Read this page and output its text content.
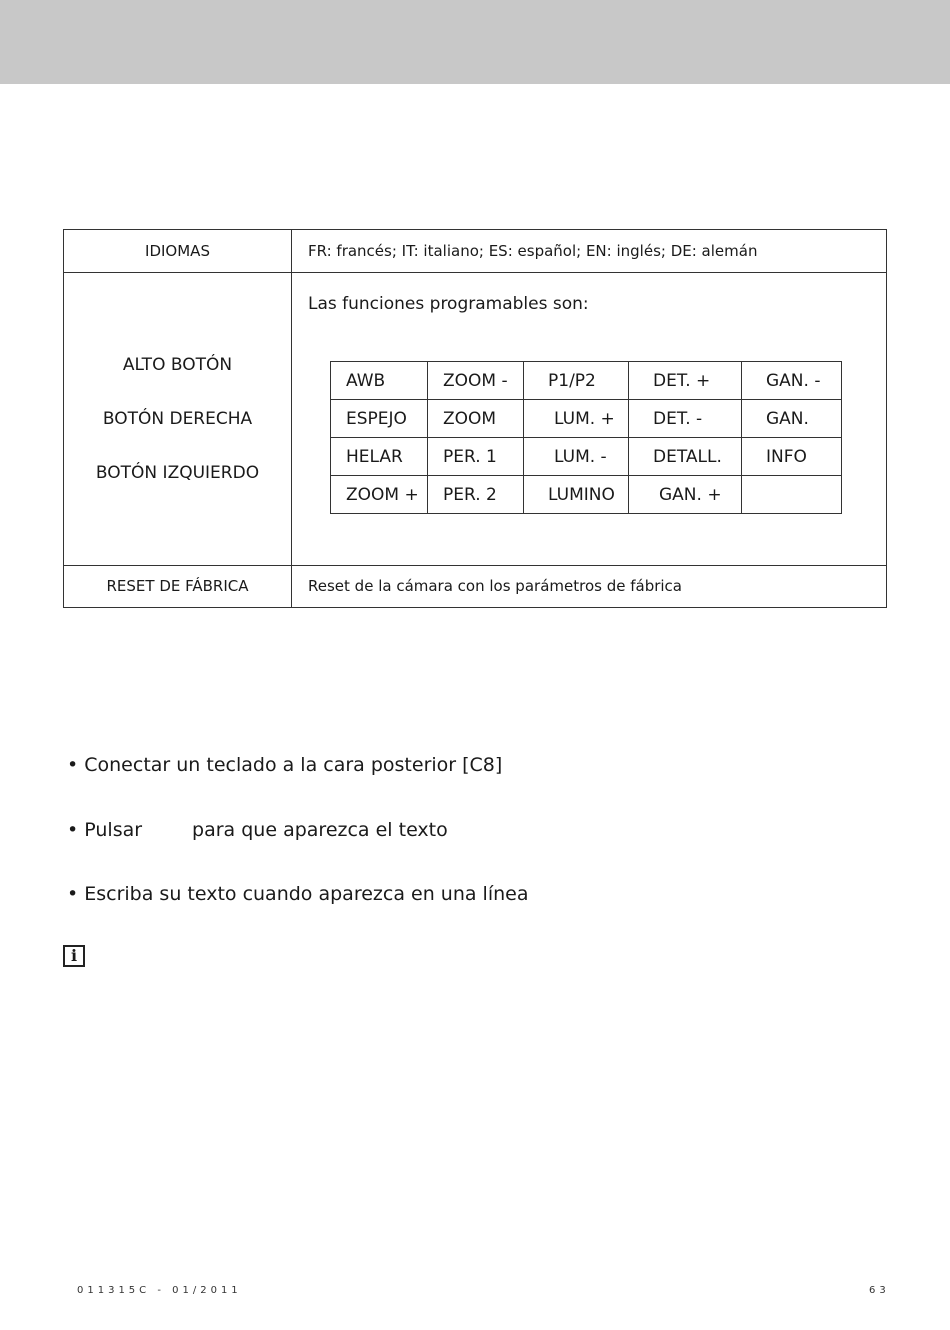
IDIOMAS	FR: francés; IT: italiano; ES: español; EN: inglés; DE: alemán

ALTO BOTÓN
BOTÓN DERECHA
BOTÓN IZQUIERDO

Las funciones programables son:
AWB	ZOOM -	P1/P2	DET. +	GAN. -
ESPEJO	ZOOM	LUM. +	DET. -	GAN.
HELAR	PER. 1	LUM. -	DETALL.	INFO
ZOOM +	PER. 2	LUMINO	GAN. +	

RESET DE FÁBRICA	Reset de la cámara con los parámetros de fábrica
• Conectar un teclado a la cara posterior [C8]
• Pulsar	para que aparezca el texto
• Escriba su texto cuando aparezca en una línea
i
011315C - 01/2011	63
